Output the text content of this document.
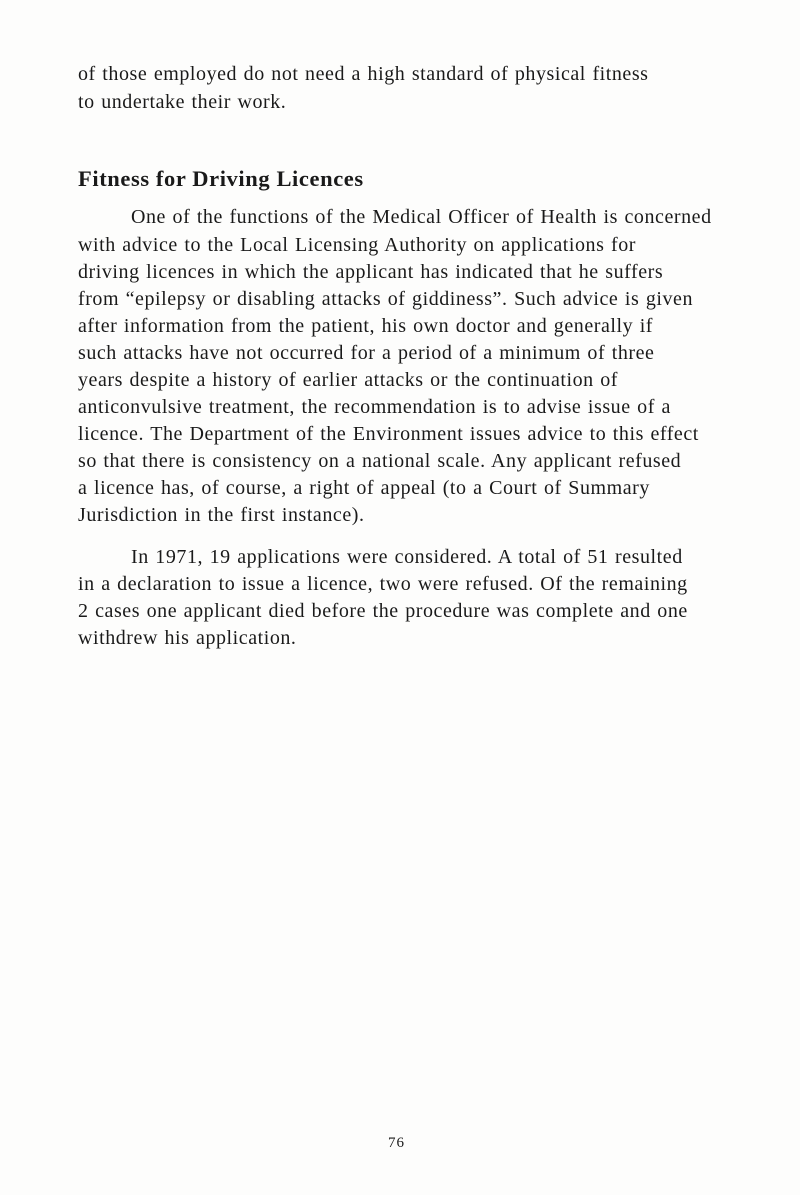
of those employed do not need a high standard of physical fitness
to undertake their work.
Fitness for Driving Licences
One of the functions of the Medical Officer of Health is concerned
with advice to the Local Licensing Authority on applications for
driving licences in which the applicant has indicated that he suffers
from “epilepsy or disabling attacks of giddiness”. Such advice is given
after information from the patient, his own doctor and generally if
such attacks have not occurred for a period of a minimum of three
years despite a history of earlier attacks or the continuation of
anticonvulsive treatment, the recommendation is to advise issue of a
licence. The Department of the Environment issues advice to this effect
so that there is consistency on a national scale. Any applicant refused
a licence has, of course, a right of appeal (to a Court of Summary
Jurisdiction in the first instance).
In 1971, 19 applications were considered. A total of 51 resulted
in a declaration to issue a licence, two were refused. Of the remaining
2 cases one applicant died before the procedure was complete and one
withdrew his application.
76
